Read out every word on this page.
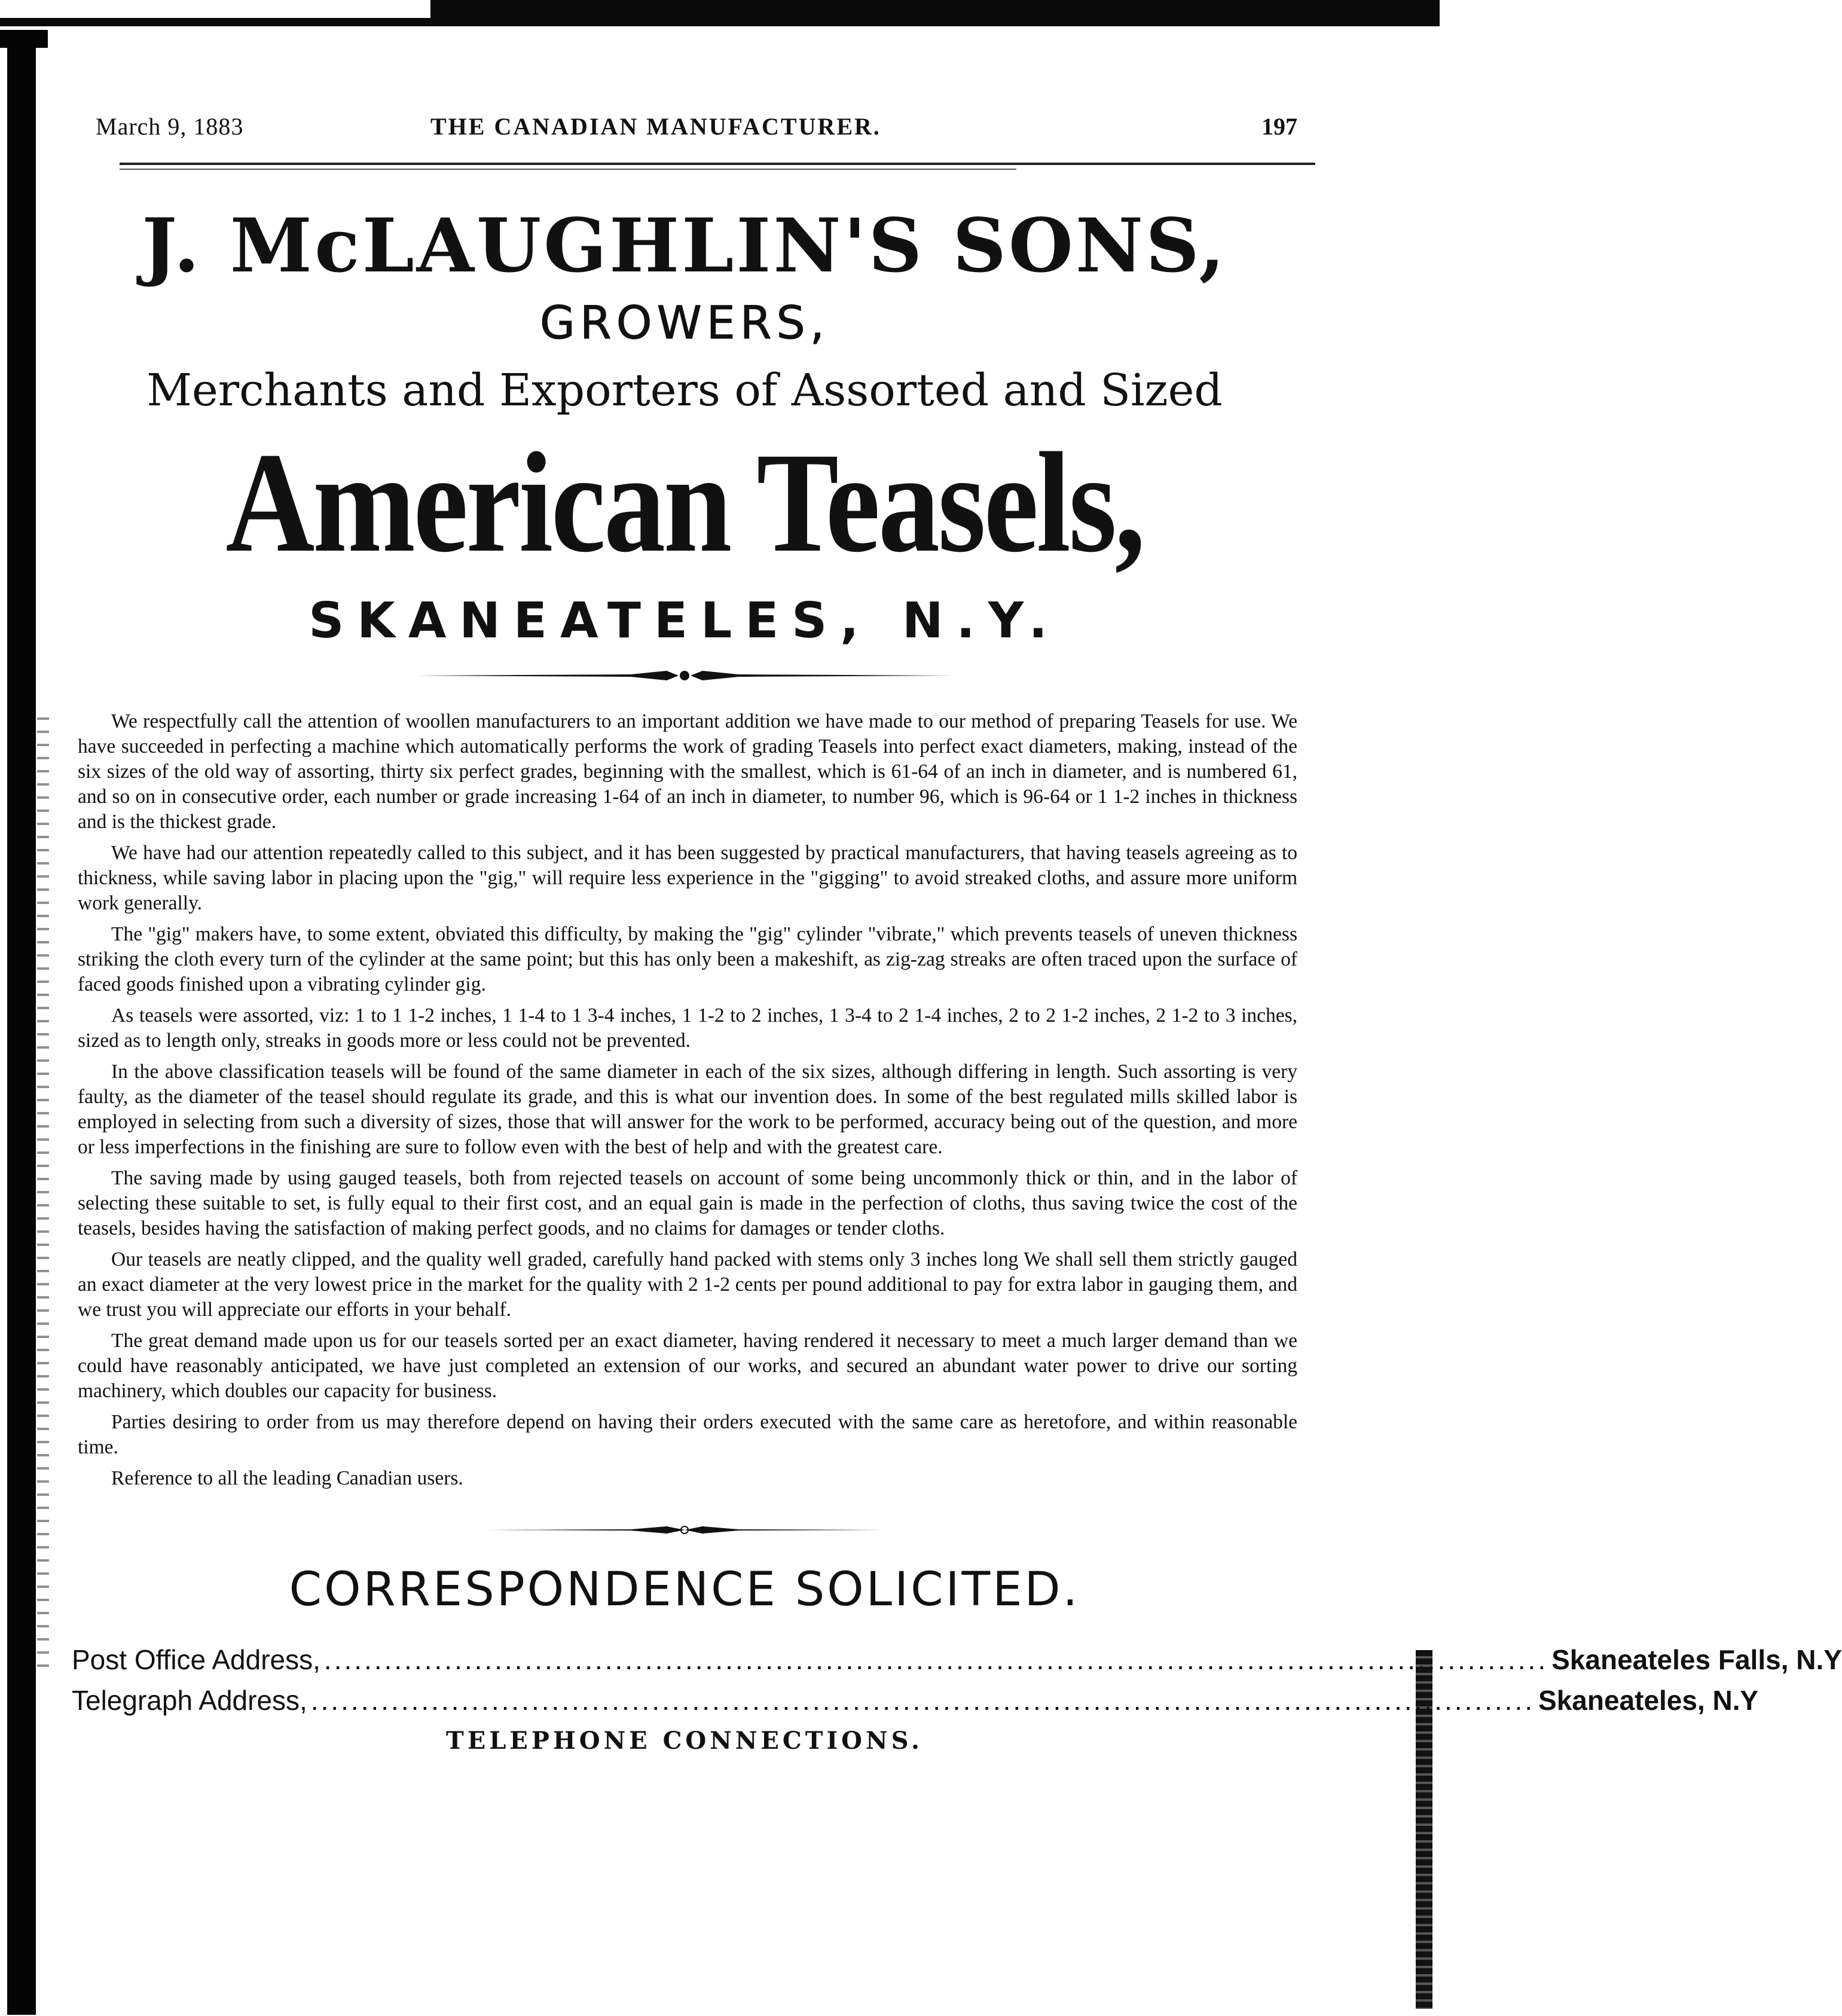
March 9, 1883	THE CANADIAN MANUFACTURER.	197
J. McLAUGHLIN'S SONS,
GROWERS,
Merchants and Exporters of Assorted and Sized
American Teasels,
SKANEATELES, N.Y.

We respectfully call the attention of woollen manufacturers to an important addition we have made to our method of preparing Teasels for use. We have succeeded in perfecting a machine which automatically performs the work of grading Teasels into perfect exact diameters, making, instead of the six sizes of the old way of assorting, thirty six perfect grades, beginning with the smallest, which is 61-64 of an inch in diameter, and is numbered 61, and so on in consecutive order, each number or grade increasing 1-64 of an inch in diameter, to number 96, which is 96-64 or 1 1-2 inches in thickness and is the thickest grade.

We have had our attention repeatedly called to this subject, and it has been suggested by practical manufacturers, that having teasels agreeing as to thickness, while saving labor in placing upon the "gig," will require less experience in the "gigging" to avoid streaked cloths, and assure more uniform work generally.

The "gig" makers have, to some extent, obviated this difficulty, by making the "gig" cylinder "vibrate," which prevents teasels of uneven thickness striking the cloth every turn of the cylinder at the same point; but this has only been a makeshift, as zig-zag streaks are often traced upon the surface of faced goods finished upon a vibrating cylinder gig.

As teasels were assorted, viz: 1 to 1 1-2 inches, 1 1-4 to 1 3-4 inches, 1 1-2 to 2 inches, 1 3-4 to 2 1-4 inches, 2 to 2 1-2 inches, 2 1-2 to 3 inches, sized as to length only, streaks in goods more or less could not be prevented.

In the above classification teasels will be found of the same diameter in each of the six sizes, although differing in length. Such assorting is very faulty, as the diameter of the teasel should regulate its grade, and this is what our invention does. In some of the best regulated mills skilled labor is employed in selecting from such a diversity of sizes, those that will answer for the work to be performed, accuracy being out of the question, and more or less imperfections in the finishing are sure to follow even with the best of help and with the greatest care.

The saving made by using gauged teasels, both from rejected teasels on account of some being uncommonly thick or thin, and in the labor of selecting these suitable to set, is fully equal to their first cost, and an equal gain is made in the perfection of cloths, thus saving twice the cost of the teasels, besides having the satisfaction of making perfect goods, and no claims for damages or tender cloths.

Our teasels are neatly clipped, and the quality well graded, carefully hand packed with stems only 3 inches long We shall sell them strictly gauged an exact diameter at the very lowest price in the market for the quality with 2 1-2 cents per pound additional to pay for extra labor in gauging them, and we trust you will appreciate our efforts in your behalf.

The great demand made upon us for our teasels sorted per an exact diameter, having rendered it necessary to meet a much larger demand than we could have reasonably anticipated, we have just completed an extension of our works, and secured an abundant water power to drive our sorting machinery, which doubles our capacity for business.

Parties desiring to order from us may therefore depend on having their orders executed with the same care as heretofore, and within reasonable time.

Reference to all the leading Canadian users.

CORRESPONDENCE SOLICITED.
Post Office Address, .......................................................................................................................... Skaneateles Falls, N.Y
Telegraph Address, .......................................................................................................................... Skaneateles, N.Y
TELEPHONE CONNECTIONS.
